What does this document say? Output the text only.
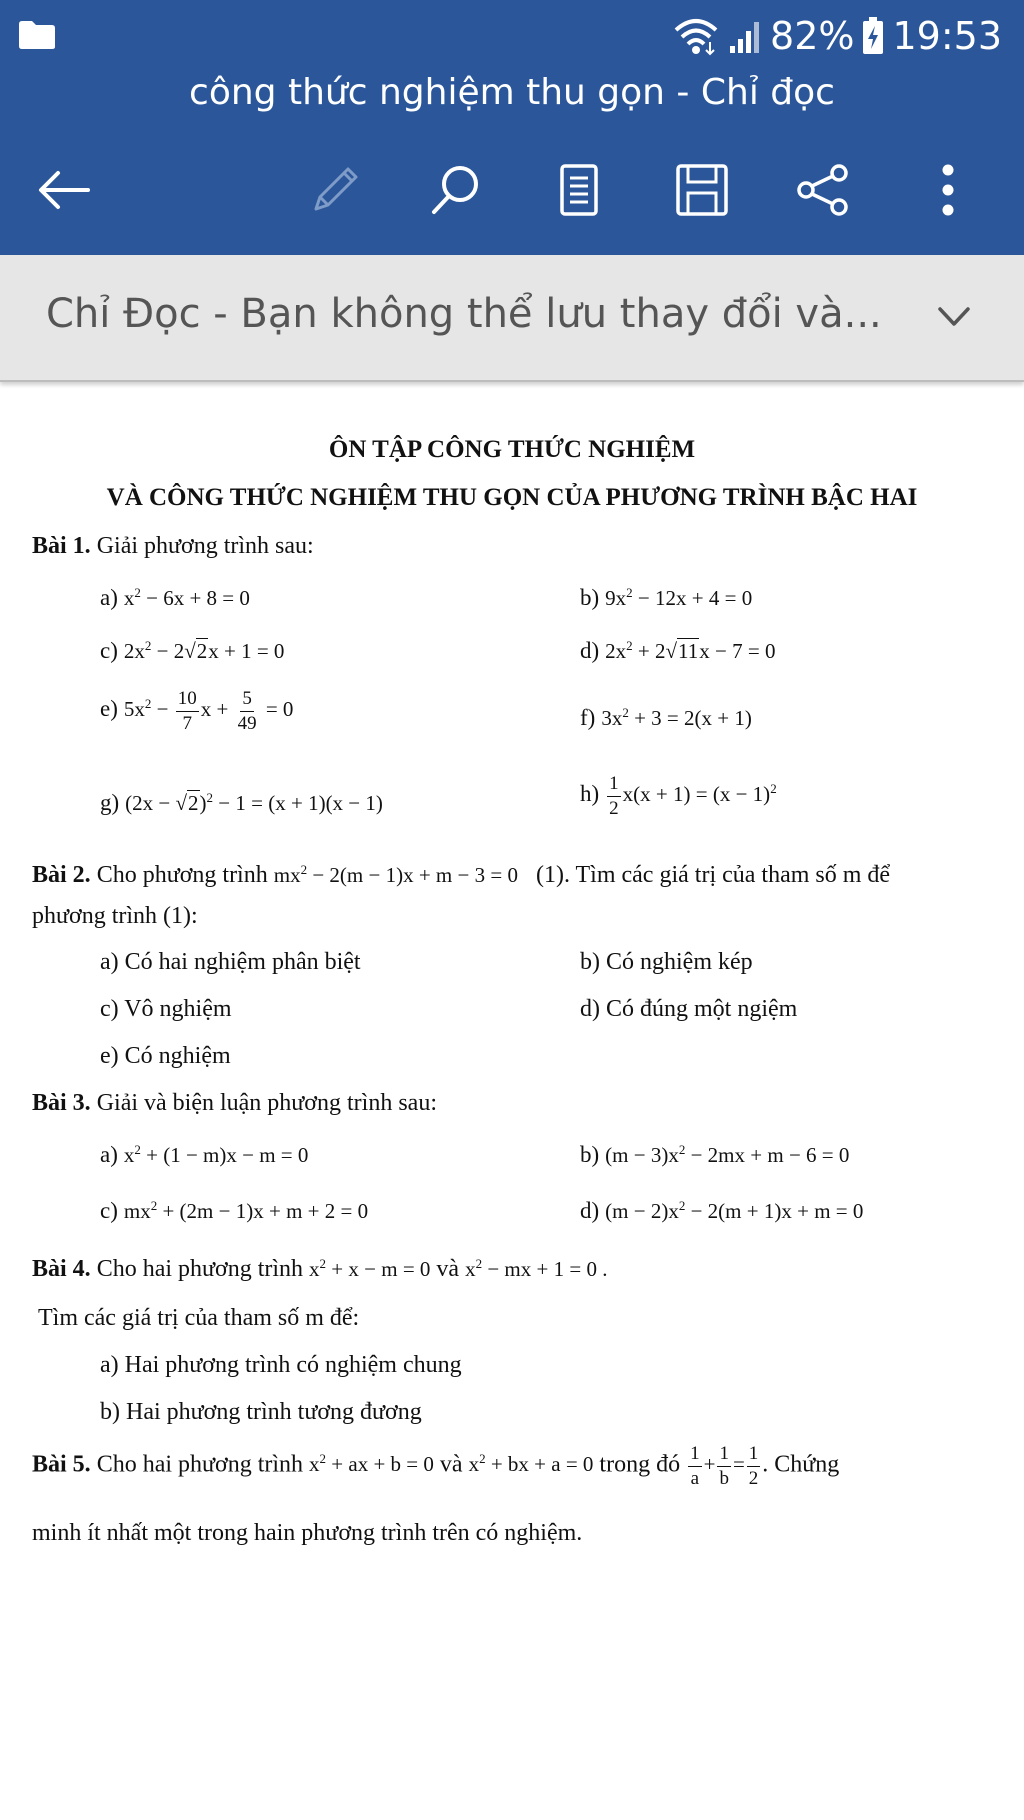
82% 19:53
công thức nghiệm thu gọn - Chỉ đọc
Chỉ Đọc - Bạn không thể lưu thay đổi và...
ÔN TẬP CÔNG THỨC NGHIỆM
VÀ CÔNG THỨC NGHIỆM THU GỌN CỦA PHƯƠNG TRÌNH BẬC HAI
Bài 1. Giải phương trình sau:
a) $x^2 - 6x + 8 = 0$	b) $9x^2 - 12x + 4 = 0$
c) $2x^2 - 2√2x + 1 = 0$	d) $2x^2 + 2√11x - 7 = 0$
e) $5x^2 - \frac{10}{7}$ $x + \frac{5}{49} = 0$	f) $3x^2 + 3 = 2(x + 1)$
g) $(2x - √2)^2 - 1 = (x + 1)(x - 1)$	$h) \frac{1}{2} x(x + 1) = (x - 1)^2$
Bài 2. Cho phương trình $mx^2 - 2(m - 1)x + m - 3 = 0$ (1). Tìm các giá trị của tham số m để
phương trình (1):
a) Có hai nghiệm phân biệt	b) Có nghiệm kép
c) Vô nghiệm	d) Có đúng một ngiệm
e) Có nghiệm
Bài 3. Giải và biện luận phương trình sau:
a) $x^2 + (1 - m)x - m = 0$	b) $(m - 3)x^2 - 2mx + m - 6 = 0$
c) $mx^2 + (2m - 1)x + m + 2 = 0$	d) $(m - 2)x^2 - 2(m + 1)x + m = 0$
Bài 4. Cho hai phương trình $x^2 + x - m = 0$ và $x^2$ − mx + 1 = 0 .
Tìm các giá trị của tham số m để:
a) Hai phương trình có nghiệm chung
b) Hai phương trình tương đương
Bài 5. Cho hai phương trình $x^2$ + ax + b = 0 và $x^2$ + bx + a = 0 trong đó $\frac{1}{a} + \frac{1}{b} = \frac{1}{2}$ . Chứng
minh ít nhất một trong hain phương trình trên có nghiệm.
